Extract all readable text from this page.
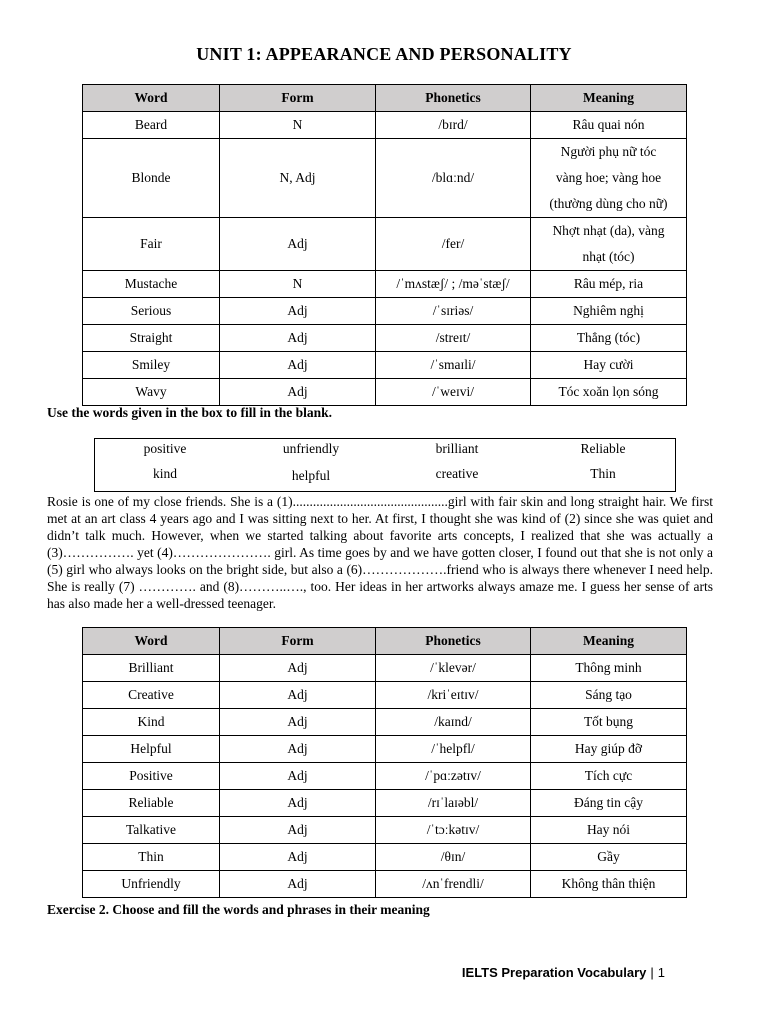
UNIT 1: APPEARANCE AND PERSONALITY
Word	Form	Phonetics	Meaning
Beard	N	/bɪrd/	Râu quai nón

Blonde	N, Adj	/blɑːnd/	Người phụ nữ tóc
vàng hoe; vàng hoe
(thường dùng cho nữ)

Fair	Adj	/fer/	Nhợt nhạt (da), vàng
nhạt (tóc)

Mustache	N	/ˈmʌstæʃ/ ; /məˈstæʃ/	Râu mép, ria

Serious	Adj	/ˈsɪriəs/	Nghiêm nghị

Straight	Adj	/streɪt/	Thẳng (tóc)

Smiley	Adj	/ˈsmaɪli/	Hay cười

Wavy	Adj	/ˈweɪvi/	Tóc xoăn lọn sóng
Use the words given in the box to fill in the blank.
positive	unfriendly	brilliant	Reliable
kind	helpful	creative	Thin
Rosie is one of my close friends. She is a (1)..............................................girl with fair skin and long straight hair. We first met at an art class 4 years ago and I was sitting next to her. At first, I thought she was kind of (2) since she was quiet and didn’t talk much. However, when we started talking about favorite arts concepts, I realized that she was actually a (3)……………. yet (4)…………………. girl. As time goes by and we have gotten closer, I found out that she is not only a (5) girl who always looks on the bright side, but also a (6)……………….friend who is always there whenever I need help. She is really (7) …………. and (8)………..…., too. Her ideas in her artworks always amaze me. I guess her sense of arts has also made her a well-dressed teenager.
Word	Form	Phonetics	Meaning
Brilliant	Adj	/ˈklevər/	Thông minh

Creative	Adj	/kriˈeɪtɪv/	Sáng tạo

Kind	Adj	/kaɪnd/	Tốt bụng

Helpful	Adj	/ˈhelpfl/	Hay giúp đỡ

Positive	Adj	/ˈpɑːzətɪv/	Tích cực

Reliable	Adj	/rɪˈlaɪəbl/	Đáng tin cậy

Talkative	Adj	/ˈtɔːkətɪv/	Hay nói

Thin	Adj	/θɪn/	Gầy

Unfriendly	Adj	/ʌnˈfrendli/	Không thân thiện
Exercise 2. Choose and fill the words and phrases in their meaning
IELTS Preparation Vocabulary | 1
